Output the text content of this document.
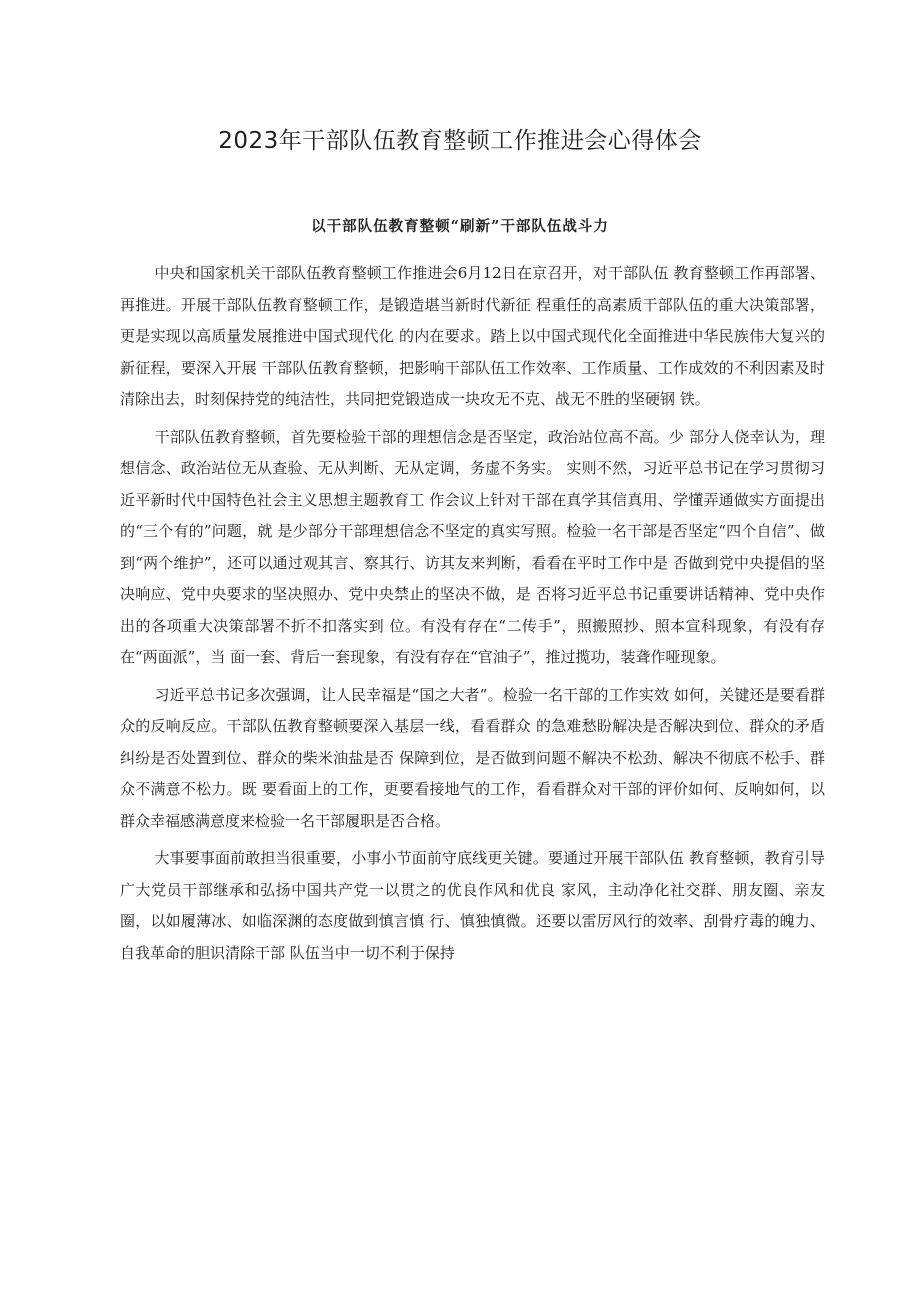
2023年干部队伍教育整顿工作推进会心得体会
以干部队伍教育整顿“刷新”干部队伍战斗力

中央和国家机关干部队伍教育整顿工作推进会6月12日在京召开，对干部队伍 教育整顿工作再部署、再推进。开展干部队伍教育整顿工作，是锻造堪当新时代新征 程重任的高素质干部队伍的重大决策部署，更是实现以高质量发展推进中国式现代化 的内在要求。踏上以中国式现代化全面推进中华民族伟大复兴的新征程，要深入开展 干部队伍教育整顿，把影响干部队伍工作效率、工作质量、工作成效的不利因素及时 清除出去，时刻保持党的纯洁性，共同把党锻造成一块攻无不克、战无不胜的坚硬钢 铁。

干部队伍教育整顿，首先要检验干部的理想信念是否坚定，政治站位高不高。少 部分人侥幸认为，理想信念、政治站位无从查验、无从判断、无从定调，务虚不务实。 实则不然，习近平总书记在学习贯彻习近平新时代中国特色社会主义思想主题教育工 作会议上针对干部在真学其信真用、学懂弄通做实方面提出的“三个有的”问题，就 是少部分干部理想信念不坚定的真实写照。检验一名干部是否坚定“四个自信”、做 到“两个维护”，还可以通过观其言、察其行、访其友来判断，看看在平时工作中是 否做到党中央提倡的坚决响应、党中央要求的坚决照办、党中央禁止的坚决不做，是 否将习近平总书记重要讲话精神、党中央作出的各项重大决策部署不折不扣落实到 位。有没有存在“二传手”，照搬照抄、照本宣科现象，有没有存在“两面派”，当 面一套、背后一套现象，有没有存在“官油子”，推过揽功，装聋作哑现象。

习近平总书记多次强调，让人民幸福是“国之大者”。检验一名干部的工作实效 如何，关键还是要看群众的反响反应。干部队伍教育整顿要深入基层一线，看看群众 的急难愁盼解决是否解决到位、群众的矛盾纠纷是否处置到位、群众的柴米油盐是否 保障到位，是否做到问题不解决不松劲、解决不彻底不松手、群众不满意不松力。既 要看面上的工作，更要看接地气的工作，看看群众对干部的评价如何、反响如何，以 群众幸福感满意度来检验一名干部履职是否合格。

大事要事面前敢担当很重要，小事小节面前守底线更关键。要通过开展干部队伍 教育整顿，教育引导广大党员干部继承和弘扬中国共产党一以贯之的优良作风和优良 家风，主动净化社交群、朋友圈、亲友圈，以如履薄冰、如临深渊的态度做到慎言慎 行、慎独慎微。还要以雷厉风行的效率、刮骨疗毒的魄力、自我革命的胆识清除干部 队伍当中一切不利于保持
